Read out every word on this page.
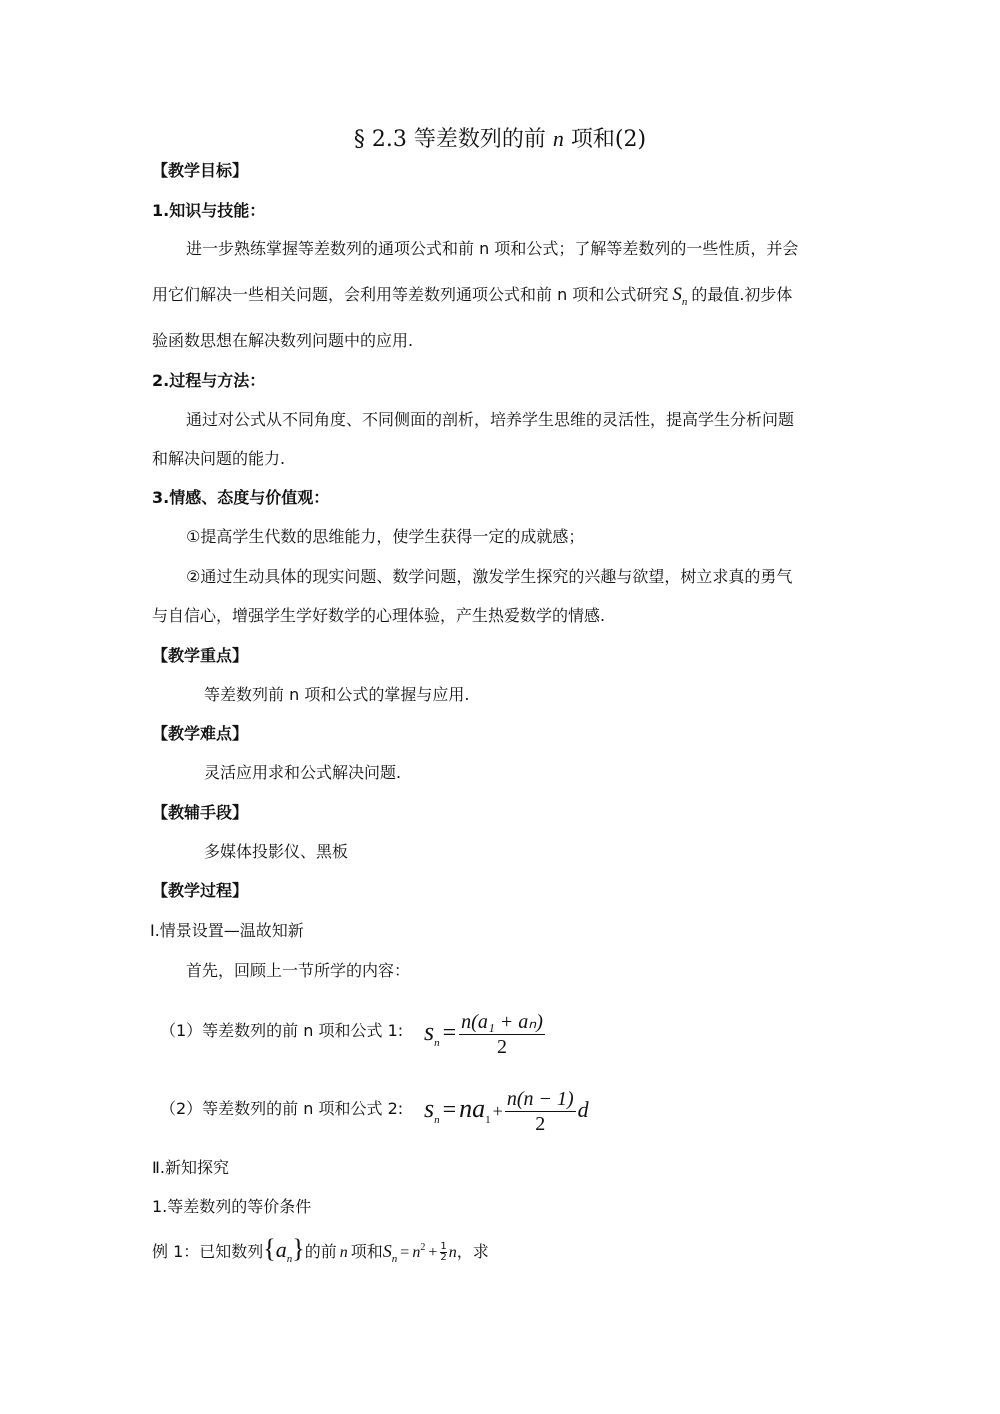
§ 2.3 等差数列的前 n 项和(2)
【教学目标】
1.知识与技能：
进一步熟练掌握等差数列的通项公式和前 n 项和公式；了解等差数列的一些性质，并会
用它们解决一些相关问题，会利用等差数列通项公式和前 n 项和公式研究 $S_n$ 的最值.初步体
验函数思想在解决数列问题中的应用.
2.过程与方法：
通过对公式从不同角度、不同侧面的剖析，培养学生思维的灵活性，提高学生分析问题
和解决问题的能力.
3.情感、态度与价值观：
①提高学生代数的思维能力，使学生获得一定的成就感；
②通过生动具体的现实问题、数学问题，激发学生探究的兴趣与欲望，树立求真的勇气
与自信心，增强学生学好数学的心理体验，产生热爱数学的情感.
【教学重点】
等差数列前 n 项和公式的掌握与应用.
【教学难点】
灵活应用求和公式解决问题.
【教辅手段】
多媒体投影仪、黑板
【教学过程】
Ⅰ.情景设置—温故知新
首先，回顾上一节所学的内容：
（1）等差数列的前 n 项和公式 1: $s_n = \frac{\text{n(a₁ + aₙ)}}{2}$
（2）等差数列的前 n 项和公式 2: $s_n = na_1 + \frac{n(n - 1)}{2}$ d
Ⅱ.新知探究
1.等差数列的等价条件
例 1：已知数列$\{a_n\}$的前 n 项和$S_n = n^2 + \frac{1}{2}$ n，求
